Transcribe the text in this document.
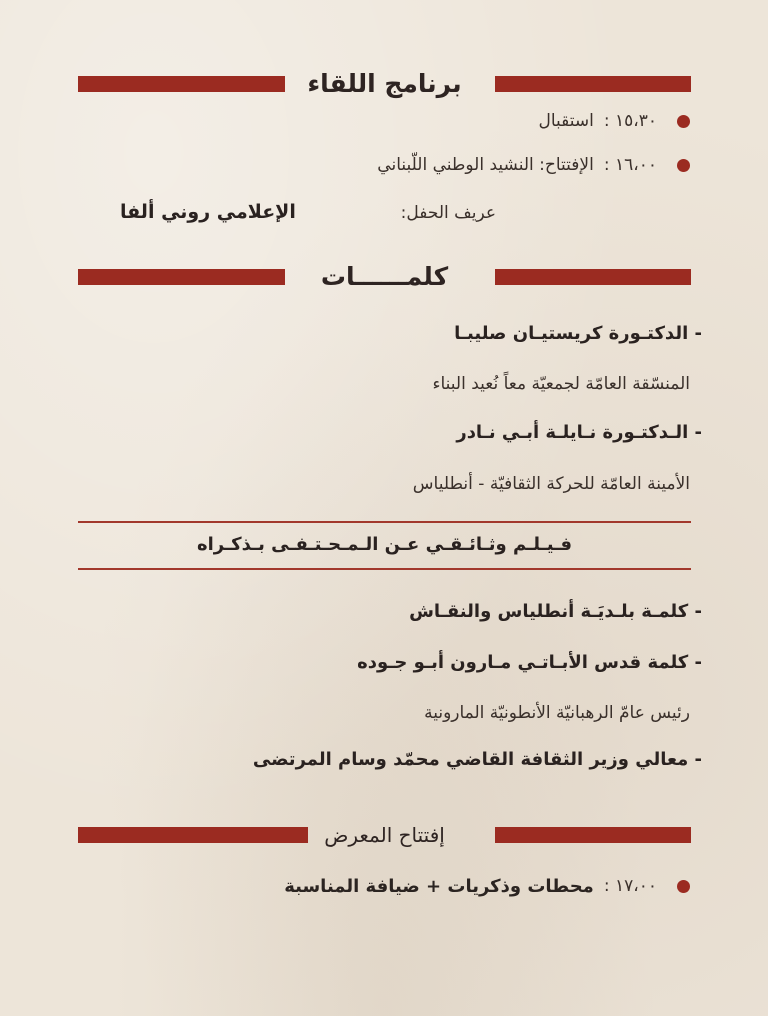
برنامج اللقاء
١٥،٣٠ :
استقبال
١٦،٠٠ :
الإفتتاح: النشيد الوطني اللّبناني
عريف الحفل:
الإعلامي روني ألفا
كلمــــــات
- الدكتـورة كريستيـان صليبـا
المنسّقة العامّة لجمعيّة معاً نُعيد البناء
- الـدكتـورة نـايلـة أبـي نـادر
الأمينة العامّة للحركة الثقافيّة - أنطلياس
فـيـلـم وثـائـقـي عـن الـمـحـتـفـى بـذكـراه
- كلمـة بلـديَـة أنطلياس والنقـاش
- كلمة قدس الأبـاتـي مـارون أبـو جـوده
رئيس عامّ الرهبانيّة الأنطونيّة المارونية
- معالي وزير الثقافة القاضي محمّد وسام المرتضى
إفتتاح المعرض
١٧،٠٠ :
محطات وذكريات + ضيافة المناسبة
